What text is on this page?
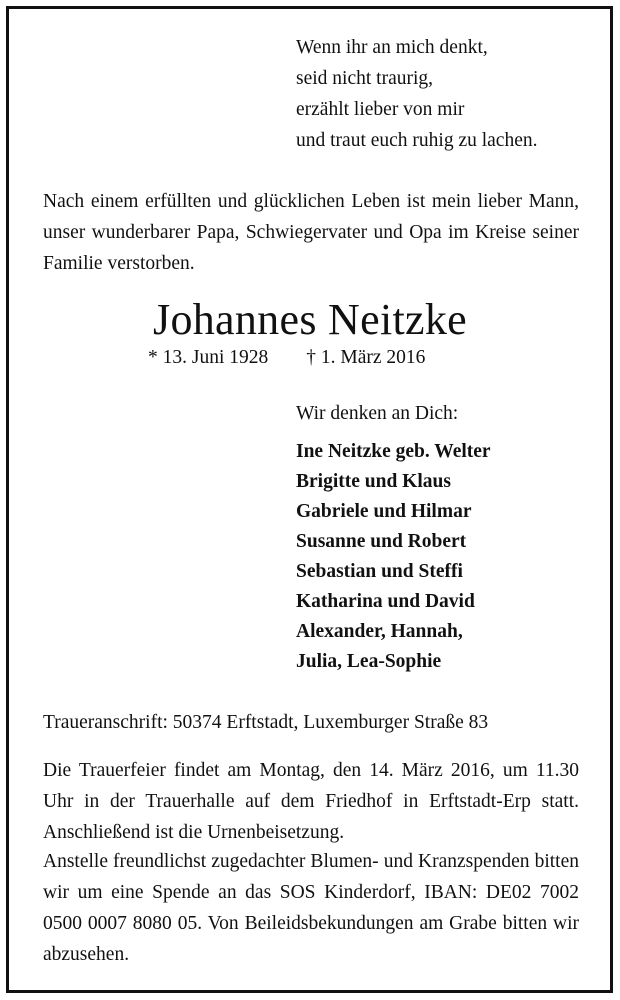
Wenn ihr an mich denkt,
seid nicht traurig,
erzählt lieber von mir
und traut euch ruhig zu lachen.
Nach einem erfüllten und glücklichen Leben ist mein lieber Mann, unser wunderbarer Papa, Schwiegervater und Opa im Kreise seiner Familie verstorben.
Johannes Neitzke
* 13. Juni 1928 † 1. März 2016
Wir denken an Dich:
Ine Neitzke geb. Welter
Brigitte und Klaus
Gabriele und Hilmar
Susanne und Robert
Sebastian und Steffi
Katharina und David
Alexander, Hannah,
Julia, Lea-Sophie
Traueranschrift: 50374 Erftstadt, Luxemburger Straße 83
Die Trauerfeier findet am Montag, den 14. März 2016, um 11.30 Uhr in der Trauerhalle auf dem Friedhof in Erftstadt-Erp statt. Anschließend ist die Urnenbeisetzung.
Anstelle freundlichst zugedachter Blumen- und Kranzspenden bitten wir um eine Spende an das SOS Kinderdorf, IBAN: DE02 7002 0500 0007 8080 05. Von Beileidsbekundungen am Grabe bitten wir abzusehen.
